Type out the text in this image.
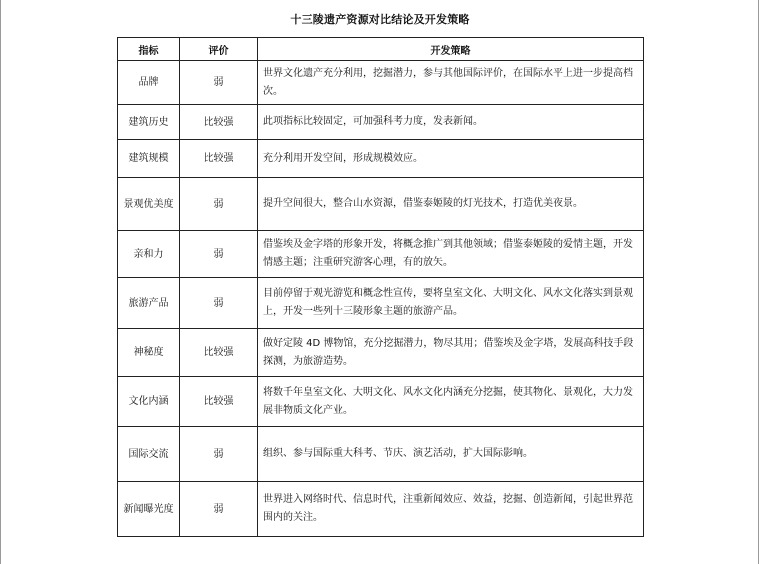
十三陵遗产资源对比结论及开发策略
指标	评价	开发策略
品牌	弱	世界文化遗产充分利用，挖掘潜力，参与其他国际评价，在国际水平上进一步提高档次。
建筑历史	比较强	此项指标比较固定，可加强科考力度，发表新闻。
建筑规模	比较强	充分利用开发空间，形成规模效应。
景观优美度	弱	提升空间很大，整合山水资源，借鉴泰姬陵的灯光技术，打造优美夜景。
亲和力	弱	借鉴埃及金字塔的形象开发，将概念推广到其他领域；借鉴泰姬陵的爱情主题，开发情感主题；注重研究游客心理，有的放矢。
旅游产品	弱	目前停留于观光游览和概念性宣传，要将皇室文化、大明文化、风水文化落实到景观上，开发一些列十三陵形象主题的旅游产品。
神秘度	比较强	做好定陵 4D 博物馆，充分挖掘潜力，物尽其用；借鉴埃及金字塔，发展高科技手段探测，为旅游造势。
文化内涵	比较强	将数千年皇室文化、大明文化、风水文化内涵充分挖掘，使其物化、景观化，大力发展非物质文化产业。
国际交流	弱	组织、参与国际重大科考、节庆、演艺活动，扩大国际影响。
新闻曝光度	弱	世界进入网络时代、信息时代，注重新闻效应、效益，挖掘、创造新闻，引起世界范围内的关注。
